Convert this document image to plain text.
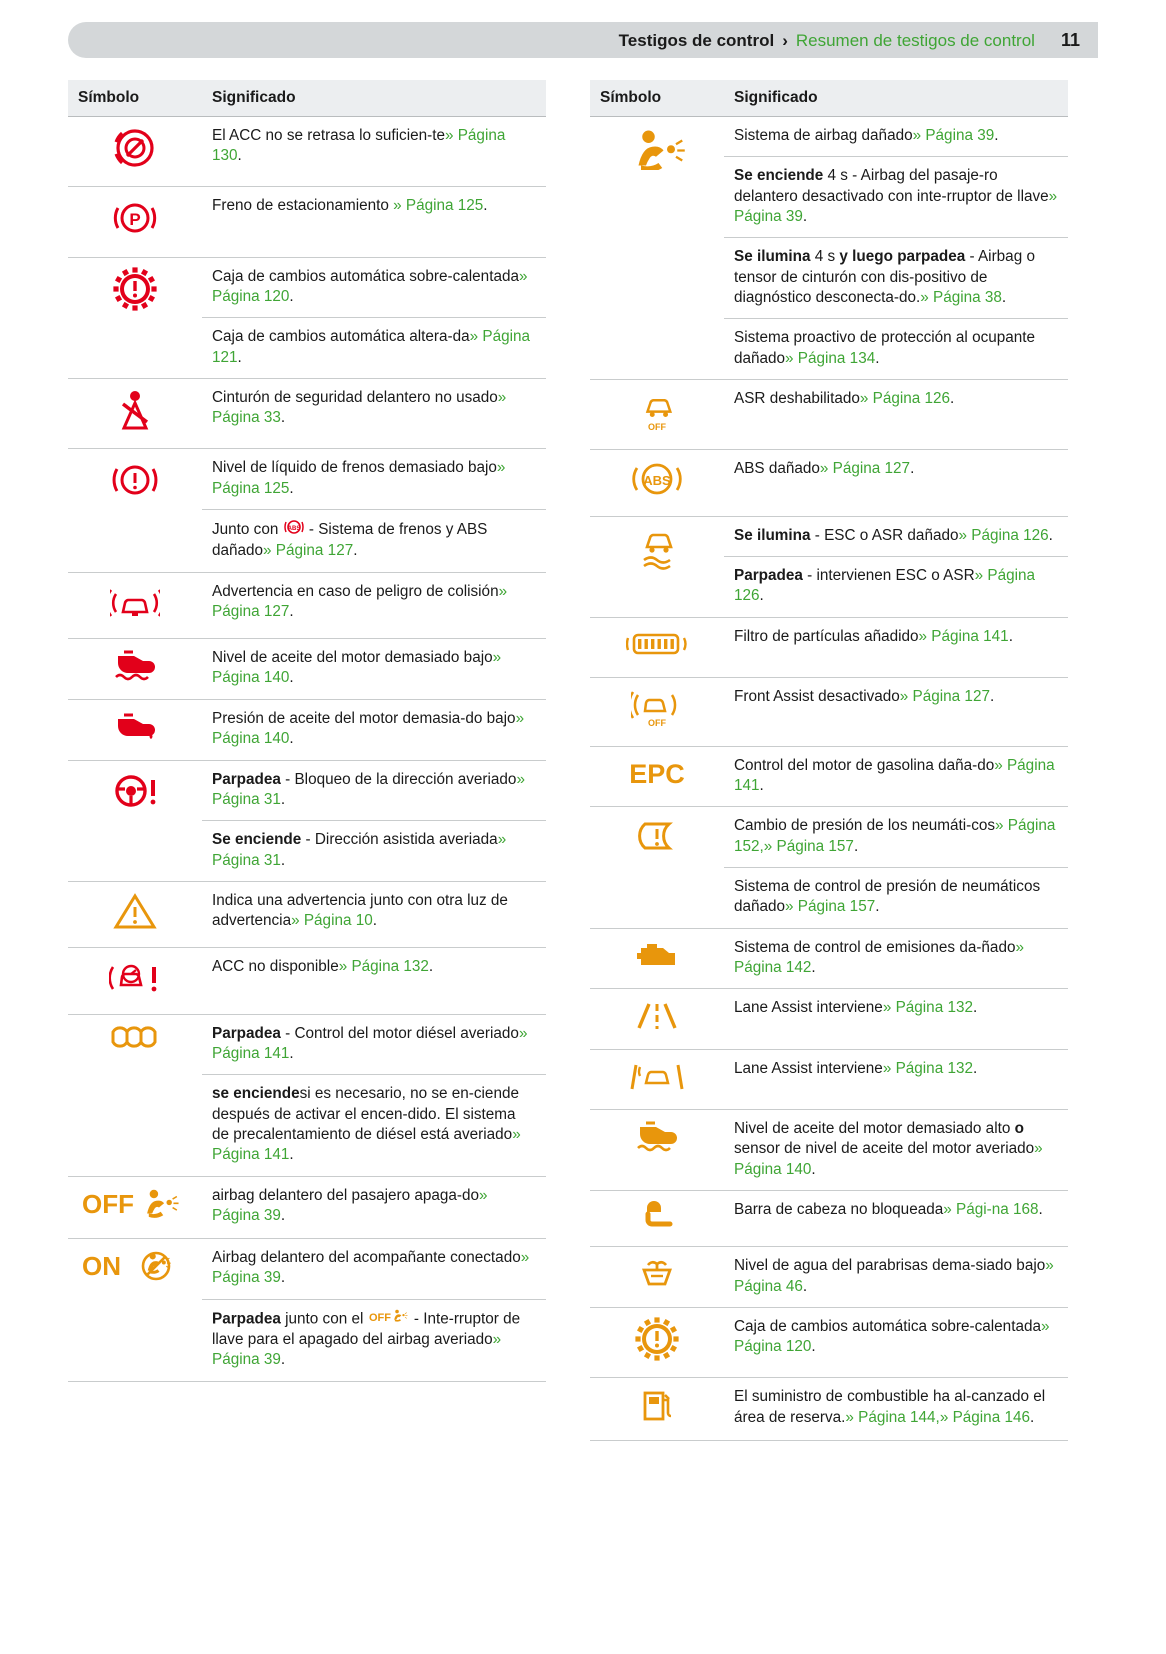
Testigos de control › Resumen de testigos de control 11
Símbolo	Significado
	El ACC no se retrasa lo suficien-te» Página 130.

P	Freno de estacionamiento » Página 125.
	Caja de cambios automática sobre-calentada» Página 120.
	Caja de cambios automática altera-da» Página 121.
	Cinturón de seguridad delantero no usado» Página 33.
	Nivel de líquido de frenos demasiado bajo» Página 125.
	Junto con ABS - Sistema de frenos y ABS dañado» Página 127.
	Advertencia en caso de peligro de colisión» Página 127.
	Nivel de aceite del motor demasiado bajo» Página 140.
	Presión de aceite del motor demasia-do bajo» Página 140.
	Parpadea - Bloqueo de la dirección averiado» Página 31.
	Se enciende - Dirección asistida averiada» Página 31.
	Indica una advertencia junto con otra luz de advertencia» Página 10.
	ACC no disponible» Página 132.
	Parpadea - Control del motor diésel averiado» Página 141.
	se enciendesi es necesario, no se en-ciende después de activar el encen-dido. El sistema de precalentamiento de diésel está averiado» Página 141.

OFF	airbag delantero del pasajero apaga-do» Página 39.

ON	Airbag delantero del acompañante conectado» Página 39.
	Parpadea junto con el OFF - Inte-rruptor de llave para el apagado del airbag averiado» Página 39.
Símbolo	Significado
	Sistema de airbag dañado» Página 39.
	Se enciende 4 s - Airbag del pasaje-ro delantero desactivado con inte-rruptor de llave» Página 39.
	Se ilumina 4 s y luego parpadea - Airbag o tensor de cinturón con dis-positivo de diagnóstico desconecta-do.» Página 38.
	Sistema proactivo de protección al ocupante dañado» Página 134.

OFF	ASR deshabilitado» Página 126.

ABS	ABS dañado» Página 127.
	Se ilumina - ESC o ASR dañado» Página 126.
	Parpadea - intervienen ESC o ASR» Página 126.
	Filtro de partículas añadido» Página 141.

OFF	Front Assist desactivado» Página 127.

EPC	Control del motor de gasolina daña-do» Página 141.
	Cambio de presión de los neumáti-cos» Página 152,» Página 157.
	Sistema de control de presión de neumáticos dañado» Página 157.
	Sistema de control de emisiones da-ñado» Página 142.
	Lane Assist interviene» Página 132.
	Lane Assist interviene» Página 132.
	Nivel de aceite del motor demasiado alto o sensor de nivel de aceite del motor averiado» Página 140.
	Barra de cabeza no bloqueada» Pági-na 168.
	Nivel de agua del parabrisas dema-siado bajo» Página 46.
	Caja de cambios automática sobre-calentada» Página 120.
	El suministro de combustible ha al-canzado el área de reserva.» Página 144,» Página 146.
